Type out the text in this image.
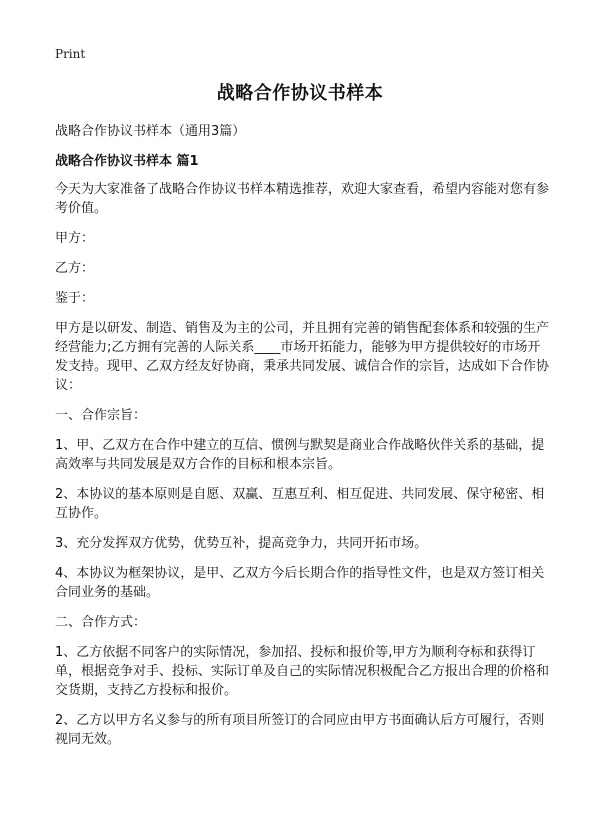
Print
战略合作协议书样本
战略合作协议书样本（通用3篇）
战略合作协议书样本 篇1

今天为大家准备了战略合作协议书样本精选推荐，欢迎大家查看，希望内容能对您有参考价值。

甲方：

乙方：

鉴于：

甲方是以研发、制造、销售及为主的公司，并且拥有完善的销售配套体系和较强的生产经营能力;乙方拥有完善的人际关系____市场开拓能力，能够为甲方提供较好的市场开发支持。现甲、乙双方经友好协商，秉承共同发展、诚信合作的宗旨，达成如下合作协议：

一、合作宗旨：

1、甲、乙双方在合作中建立的互信、惯例与默契是商业合作战略伙伴关系的基础，提高效率与共同发展是双方合作的目标和根本宗旨。

2、本协议的基本原则是自愿、双赢、互惠互利、相互促进、共同发展、保守秘密、相互协作。

3、充分发挥双方优势，优势互补，提高竞争力，共同开拓市场。

4、本协议为框架协议，是甲、乙双方今后长期合作的指导性文件，也是双方签订相关合同业务的基础。

二、合作方式：

1、乙方依据不同客户的实际情况，参加招、投标和报价等,甲方为顺利夺标和获得订单，根据竞争对手、投标、实际订单及自己的实际情况积极配合乙方报出合理的价格和交货期，支持乙方投标和报价。

2、乙方以甲方名义参与的所有项目所签订的合同应由甲方书面确认后方可履行，否则视同无效。
